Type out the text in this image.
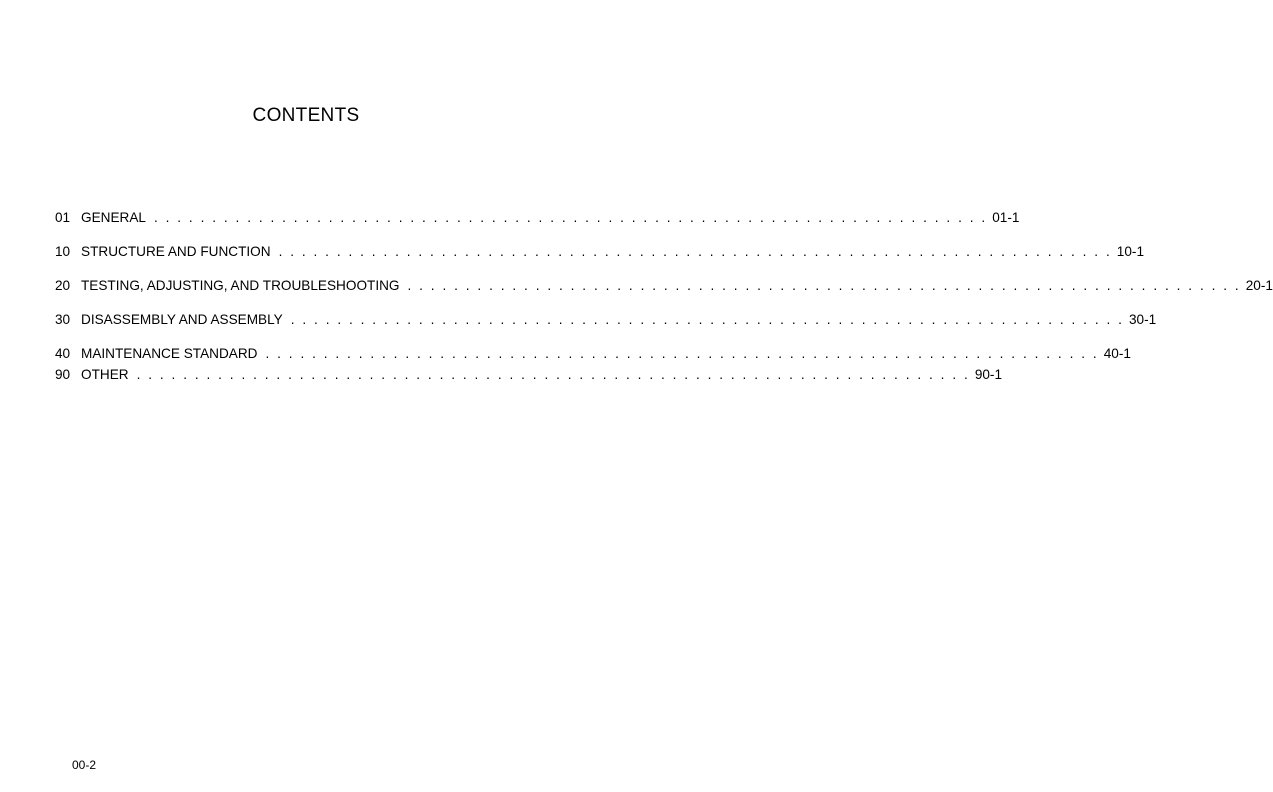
CONTENTS
01 GENERAL . . . . . . . . . . . . . . . . . . . . . . . . . . . . . . . . . . . . . . . . . . . . . . . . . . . . . . . . . . . . . . . . . . . . . . . . 01-1
10 STRUCTURE AND FUNCTION . . . . . . . . . . . . . . . . . . . . . . . . . . . . . . . . . . . . . . . . . . . . . . . . . . . . . . . . . . . . . . . . . . . . . . . . 10-1
20 TESTING, ADJUSTING, AND TROUBLESHOOTING . . . . . . . . . . . . . . . . . . . . . . . . . . . . . . . . . . . . . . . . . . . . . . . . . . . . . . . . . . . . . . . . . . . . . . . . 20-1
30 DISASSEMBLY AND ASSEMBLY . . . . . . . . . . . . . . . . . . . . . . . . . . . . . . . . . . . . . . . . . . . . . . . . . . . . . . . . . . . . . . . . . . . . . . . . 30-1
40 MAINTENANCE STANDARD . . . . . . . . . . . . . . . . . . . . . . . . . . . . . . . . . . . . . . . . . . . . . . . . . . . . . . . . . . . . . . . . . . . . . . . . 40-1
90 OTHER . . . . . . . . . . . . . . . . . . . . . . . . . . . . . . . . . . . . . . . . . . . . . . . . . . . . . . . . . . . . . . . . . . . . . . . . 90-1
00-2
